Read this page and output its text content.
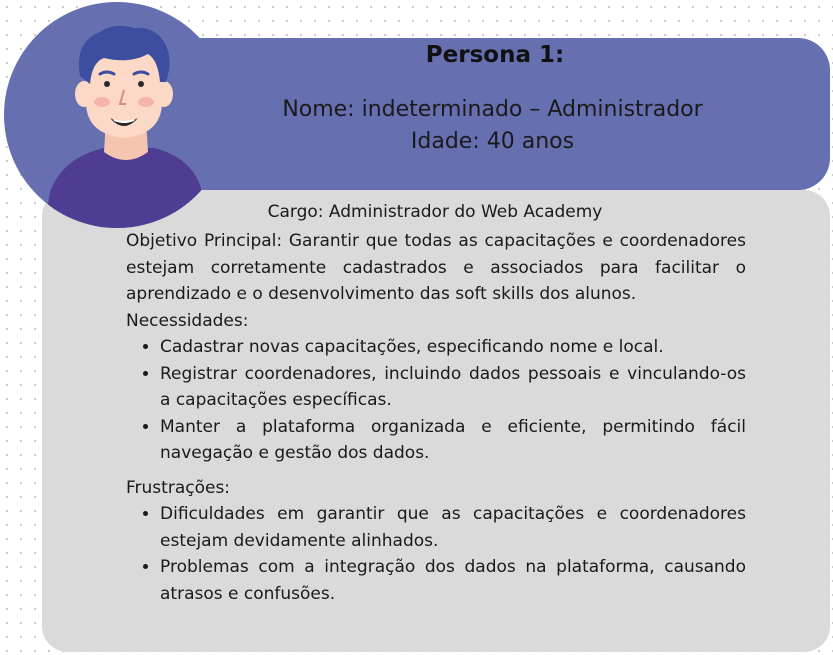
Persona 1:

Nome: indeterminado – Administrador

Idade: 40 anos

Cargo: Administrador do Web Academy

Objetivo Principal: Garantir que todas as capacitações e coordenadores estejam corretamente cadastrados e associados para facilitar o aprendizado e o desenvolvimento das soft skills dos alunos.

Necessidades:

• Cadastrar novas capacitações, especificando nome e local.
• Registrar coordenadores, incluindo dados pessoais e vinculando-os a capacitações específicas.
• Manter a plataforma organizada e eficiente, permitindo fácil navegação e gestão dos dados.

Frustrações:

• Dificuldades em garantir que as capacitações e coordenadores estejam devidamente alinhados.
• Problemas com a integração dos dados na plataforma, causando atrasos e confusões.
